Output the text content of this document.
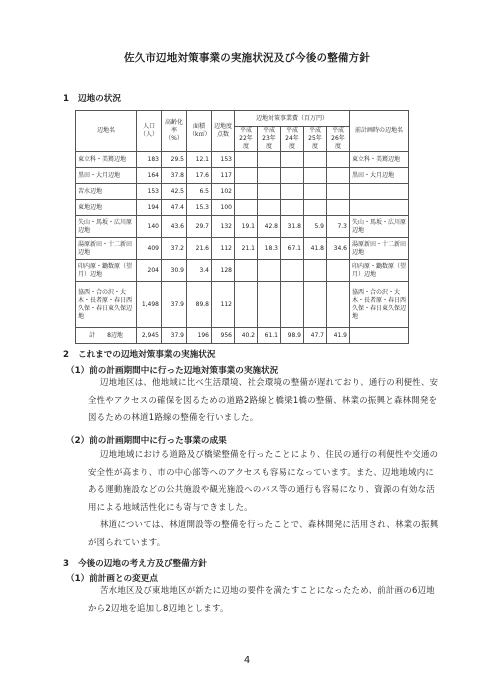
佐久市辺地対策事業の実施状況及び今後の整備方針
1 辺地の状況
辺地名	人口（人）	高齢化率（%）	面積（k㎡）	辺地度点数	辺地対策事業費（百万円）					前計画時の辺地名
					平成22年度	平成23年度	平成24年度	平成25年度	平成26年度	
東立科・美篶辺地	183	29.5	12.1	153						東立科・美篶辺地
黒田・大月辺地	164	37.8	17.6	117						黒田・大月辺地
苦水辺地	153	42.5	6.5	102						
東地辺地	194	47.4	15.3	100						
失山・馬坂・広川原辺地	140	43.6	29.7	132	19.1	42.8	31.8	5.9	7.3	失山・馬坂・広川原辺地
湯原新田・十二新田辺地	409	37.2	21.6	112	21.1	18.3	67.1	41.8	34.6	湯原新田・十二新田辺地
印内原・鋤数原（望月）辺地	204	30.9	3.4	128						印内原・鋤数原（望月）辺地
協西・合の沢・大木・長者原・春日西久保・春日東久保辺地	1,498	37.9	89.8	112						協西・合の沢・大木・長者原・春日西久保・春日東久保辺地
計　　8辺地	2,945	37.9	196	956	40.2	61.1	98.9	47.7	41.9	
2 これまでの辺地対策事業の実施状況
（1）前の計画期間中に行った辺地対策事業の実施状況
辺地地区は、他地域に比べ生活環境、社会環境の整備が遅れており、通行の利便性、安全性やアクセスの確保を図るための道路2路線と橋梁1橋の整備、林業の振興と森林開発を図るための林道1路線の整備を行いました。
（2）前の計画期間中に行った事業の成果
辺地地域における道路及び橋梁整備を行ったことにより、住民の通行の利便性や交通の安全性が高まり、市の中心部等へのアクセスも容易になっています。また、辺地地域内にある運動施設などの公共施設や観光施設へのバス等の通行も容易になり、資源の有効な活用による地域活性化にも寄与できました。
林道については、林道開設等の整備を行ったことで、森林開発に活用され、林業の振興が図られています。
3 今後の辺地の考え方及び整備方針
（1）前計画との変更点
苦水地区及び東地地区が新たに辺地の要件を満たすことになったため、前計画の6辺地から2辺地を追加し8辺地とします。
4
